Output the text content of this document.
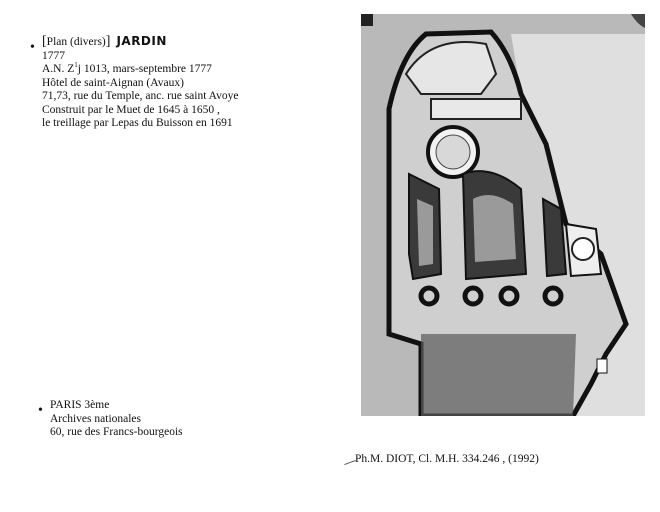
• [Plan (divers)] JARDIN
1777
A.N. $Z^1j$ 1013, mars-septembre 1777
Hôtel de saint-Aignan (Avaux)
71,73, rue du Temple, anc. rue saint Avoye
Construit par le Muet de 1645 à 1650 ,
le treillage par Lepas du Buisson en 1691
• PARIS 3ème
Archives nationales
60, rue des Francs-bourgeois
Ph.M. DIOT, Cl. M.H. 334.246 , (1992)
